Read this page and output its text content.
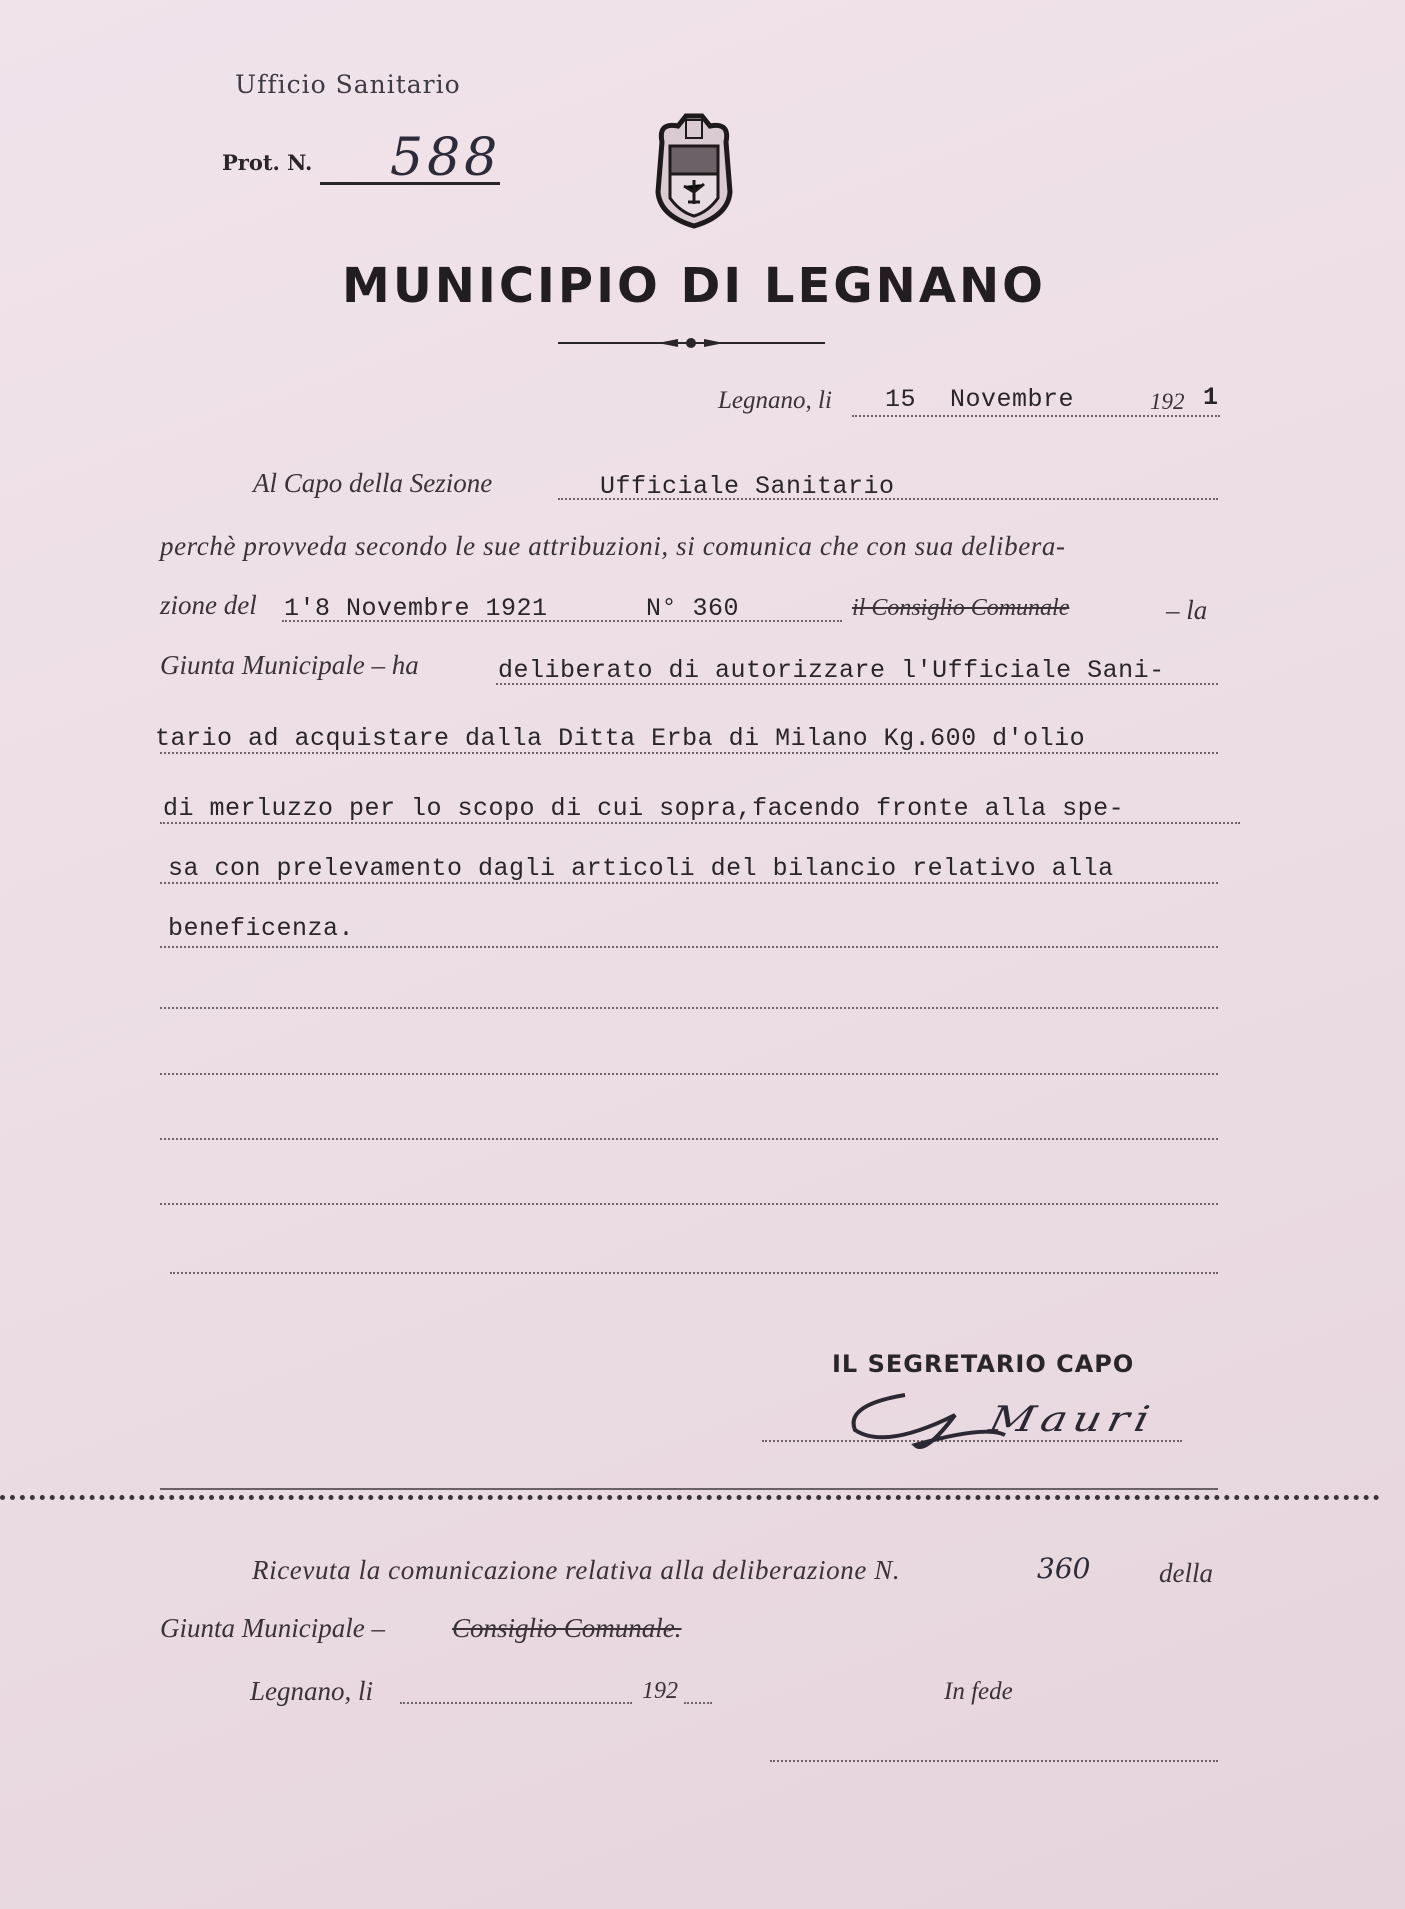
Ufficio Sanitario
Prot. N. 588
MUNICIPIO DI LEGNANO
Legnano, li 15 Novembre	192 1
Al Capo della Sezione	Ufficiale Sanitario
perchè provveda secondo le sue attribuzioni, si comunica che con sua delibera-
zione del 1'8 Novembre 1921	N° 360	il Consiglio Comunale	– la
Giunta Municipale – ha	deliberato di autorizzare l'Ufficiale Sani-
tario ad acquistare dalla Ditta Erba di Milano Kg.600 d'olio
di merluzzo per lo scopo di cui sopra,facendo fronte alla spe-
sa con prelevamento dagli articoli del bilancio relativo alla
beneficenza.
IL SEGRETARIO CAPO
Mauri
Ricevuta la comunicazione relativa alla deliberazione N.	360	della
Giunta Municipale – Consiglio Comunale.
Legnano, li	192	In fede
